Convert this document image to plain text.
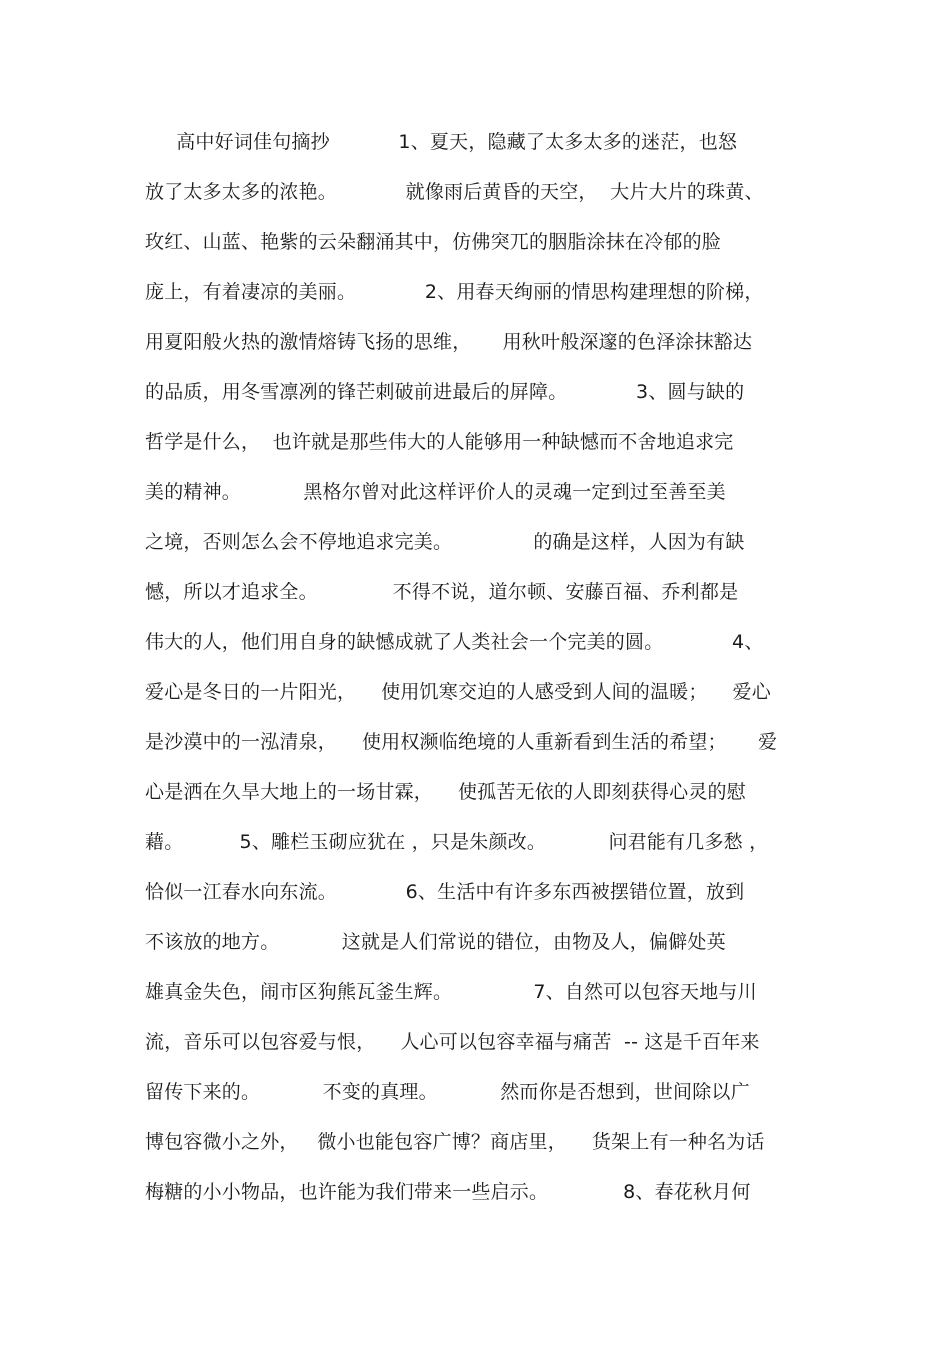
高中好词佳句摘抄           1、夏天，隐藏了太多太多的迷茫，也怒
放了太多太多的浓艳。           就像雨后黄昏的天空，  大片大片的珠黄、
玫红、山蓝、艳紫的云朵翻涌其中，仿佛突兀的胭脂涂抹在冷郁的脸
庞上，有着凄凉的美丽。           2、用春天绚丽的情思构建理想的阶梯，
用夏阳般火热的激情熔铸飞扬的思维，     用秋叶般深邃的色泽涂抹豁达
的品质，用冬雪凛冽的锋芒刺破前进最后的屏障。           3、圆与缺的
哲学是什么，  也许就是那些伟大的人能够用一种缺憾而不舍地追求完
美的精神。          黑格尔曾对此这样评价人的灵魂一定到过至善至美
之境，否则怎么会不停地追求完美。             的确是这样，人因为有缺
憾，所以才追求全。            不得不说，道尔顿、安藤百福、乔利都是
伟大的人，他们用自身的缺憾成就了人类社会一个完美的圆。           4、
爱心是冬日的一片阳光，    使用饥寒交迫的人感受到人间的温暖；    爱心
是沙漠中的一泓清泉，    使用权濒临绝境的人重新看到生活的希望；     爱
心是洒在久旱大地上的一场甘霖，    使孤苦无依的人即刻获得心灵的慰
藉。         5、雕栏玉砌应犹在 ，只是朱颜改。          问君能有几多愁 ，
恰似一江春水向东流。           6、生活中有许多东西被摆错位置，放到
不该放的地方。          这就是人们常说的错位，由物及人，偏僻处英
雄真金失色，闹市区狗熊瓦釜生辉。             7、自然可以包容天地与川
流，音乐可以包容爱与恨，    人心可以包容幸福与痛苦  -- 这是千百年来
留传下来的。          不变的真理。          然而你是否想到，世间除以广
博包容微小之外，   微小也能包容广博？商店里，    货架上有一种名为话
梅糖的小小物品，也许能为我们带来一些启示。            8、春花秋月何
